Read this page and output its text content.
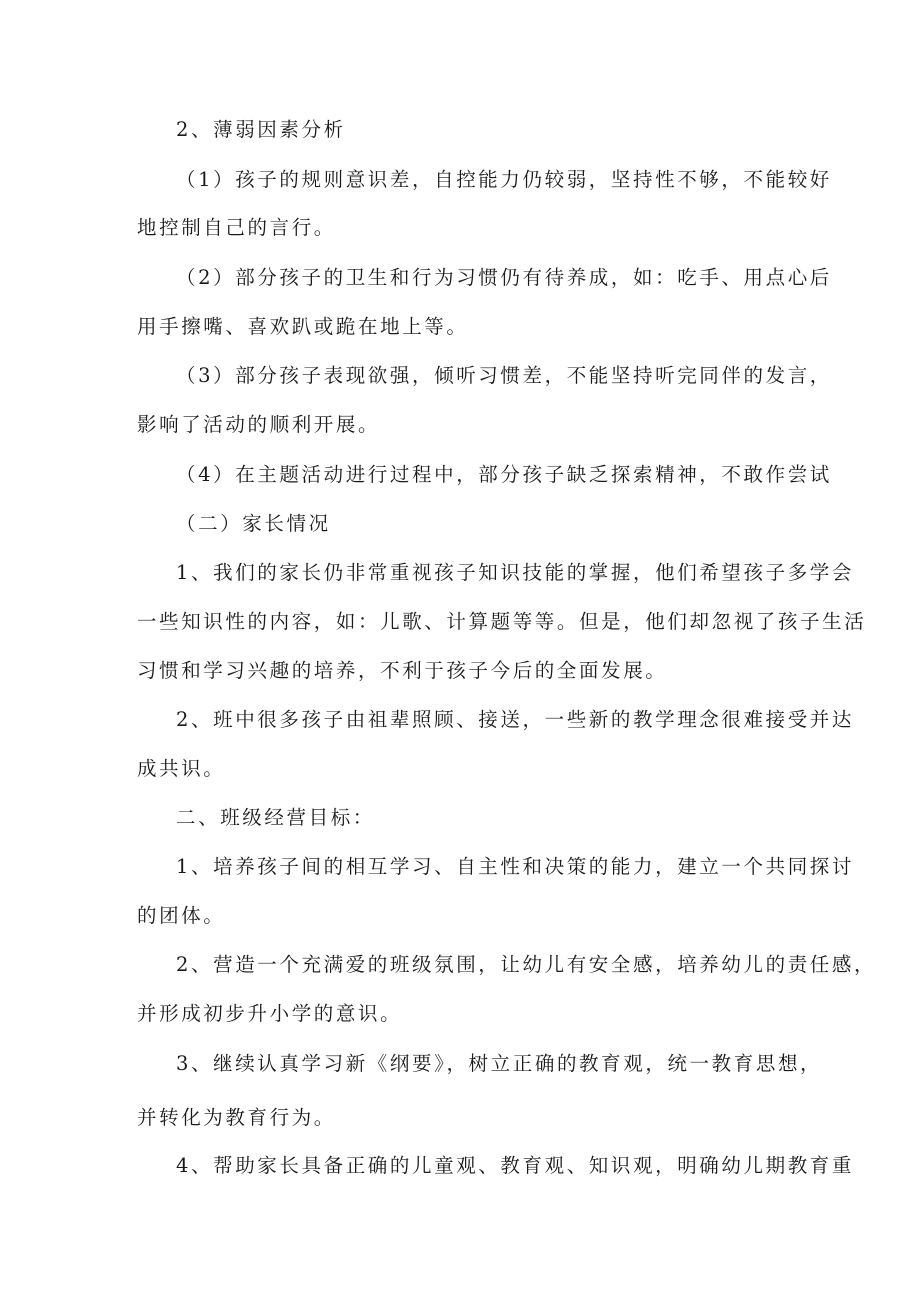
2、薄弱因素分析
（1）孩子的规则意识差，自控能力仍较弱，坚持性不够，不能较好
地控制自己的言行。
（2）部分孩子的卫生和行为习惯仍有待养成，如：吃手、用点心后
用手擦嘴、喜欢趴或跪在地上等。
（3）部分孩子表现欲强，倾听习惯差，不能坚持听完同伴的发言，
影响了活动的顺利开展。
（4）在主题活动进行过程中，部分孩子缺乏探索精神，不敢作尝试
（二）家长情况
1、我们的家长仍非常重视孩子知识技能的掌握，他们希望孩子多学会
一些知识性的内容，如：儿歌、计算题等等。但是，他们却忽视了孩子生活
习惯和学习兴趣的培养，不利于孩子今后的全面发展。
2、班中很多孩子由祖辈照顾、接送，一些新的教学理念很难接受并达
成共识。
二、班级经营目标：
1、培养孩子间的相互学习、自主性和决策的能力，建立一个共同探讨
的团体。
2、营造一个充满爱的班级氛围，让幼儿有安全感，培养幼儿的责任感，
并形成初步升小学的意识。
3、继续认真学习新《纲要》，树立正确的教育观，统一教育思想，
并转化为教育行为。
4、帮助家长具备正确的儿童观、教育观、知识观，明确幼儿期教育重
